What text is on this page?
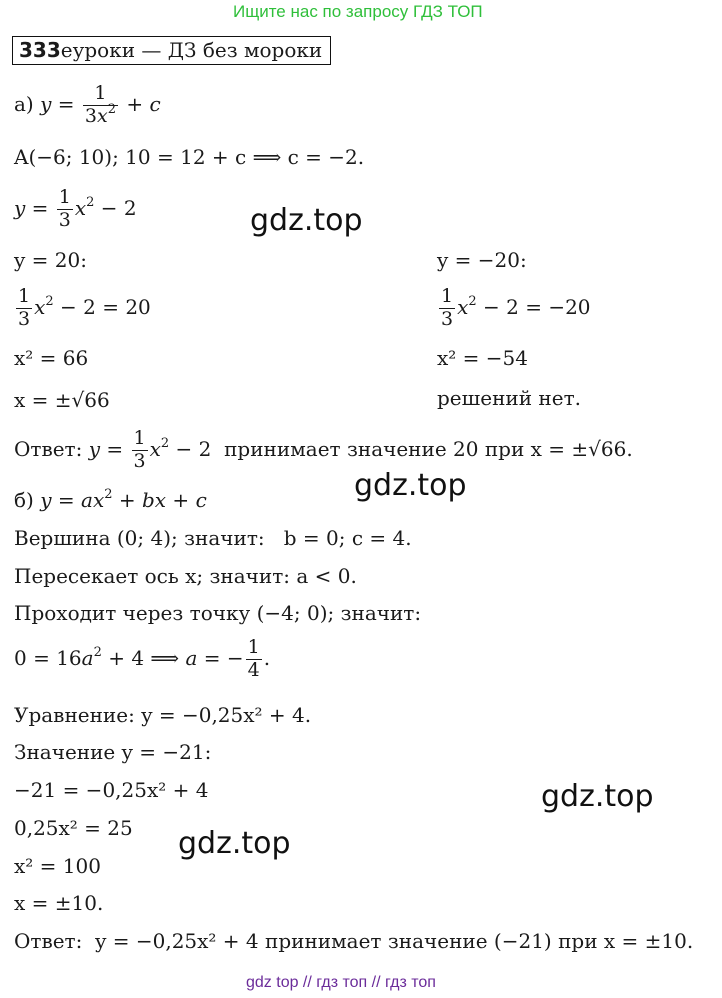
Ищите нас по запросу ГДЗ ТОП
333еуроки — ДЗ без мороки
а) $y = \frac{1}{3x^2} + c$
A(−6; 10); 10 = 12 + c ⟹ c = −2.
$y = \frac{1}{3} x^2 - 2$	gdz.top
y = 20:
$\frac{1}{3} x^2 - 2 = 20$
x² = 66
x = ±√66
y = −20:
$\frac{1}{3} x^2 - 2 = -20$
x² = −54
решений нет.
Ответ: $y = \frac{1}{3} x^2 - 2$  принимает значение 20 при x = ±√66.
gdz.top
б) $y = ax^2$ + bx + c
Вершина (0; 4); значит: b = 0; c = 4.
Пересекает ось x; значит: a < 0.
Проходит через точку (−4; 0); значит:
$0 = 16a^2 + 4$ ⟹ a = − $\frac{1}{4}$ .
Уравнение: y = −0,25x² + 4.
Значение y = −21:
−21 = −0,25x² + 4	gdz.top
0,25x² = 25 gdz.top
x² = 100
x = ±10.
Ответ: y = −0,25x² + 4 принимает значение (−21) при x = ±10.
gdz top // гдз топ // гдз топ
